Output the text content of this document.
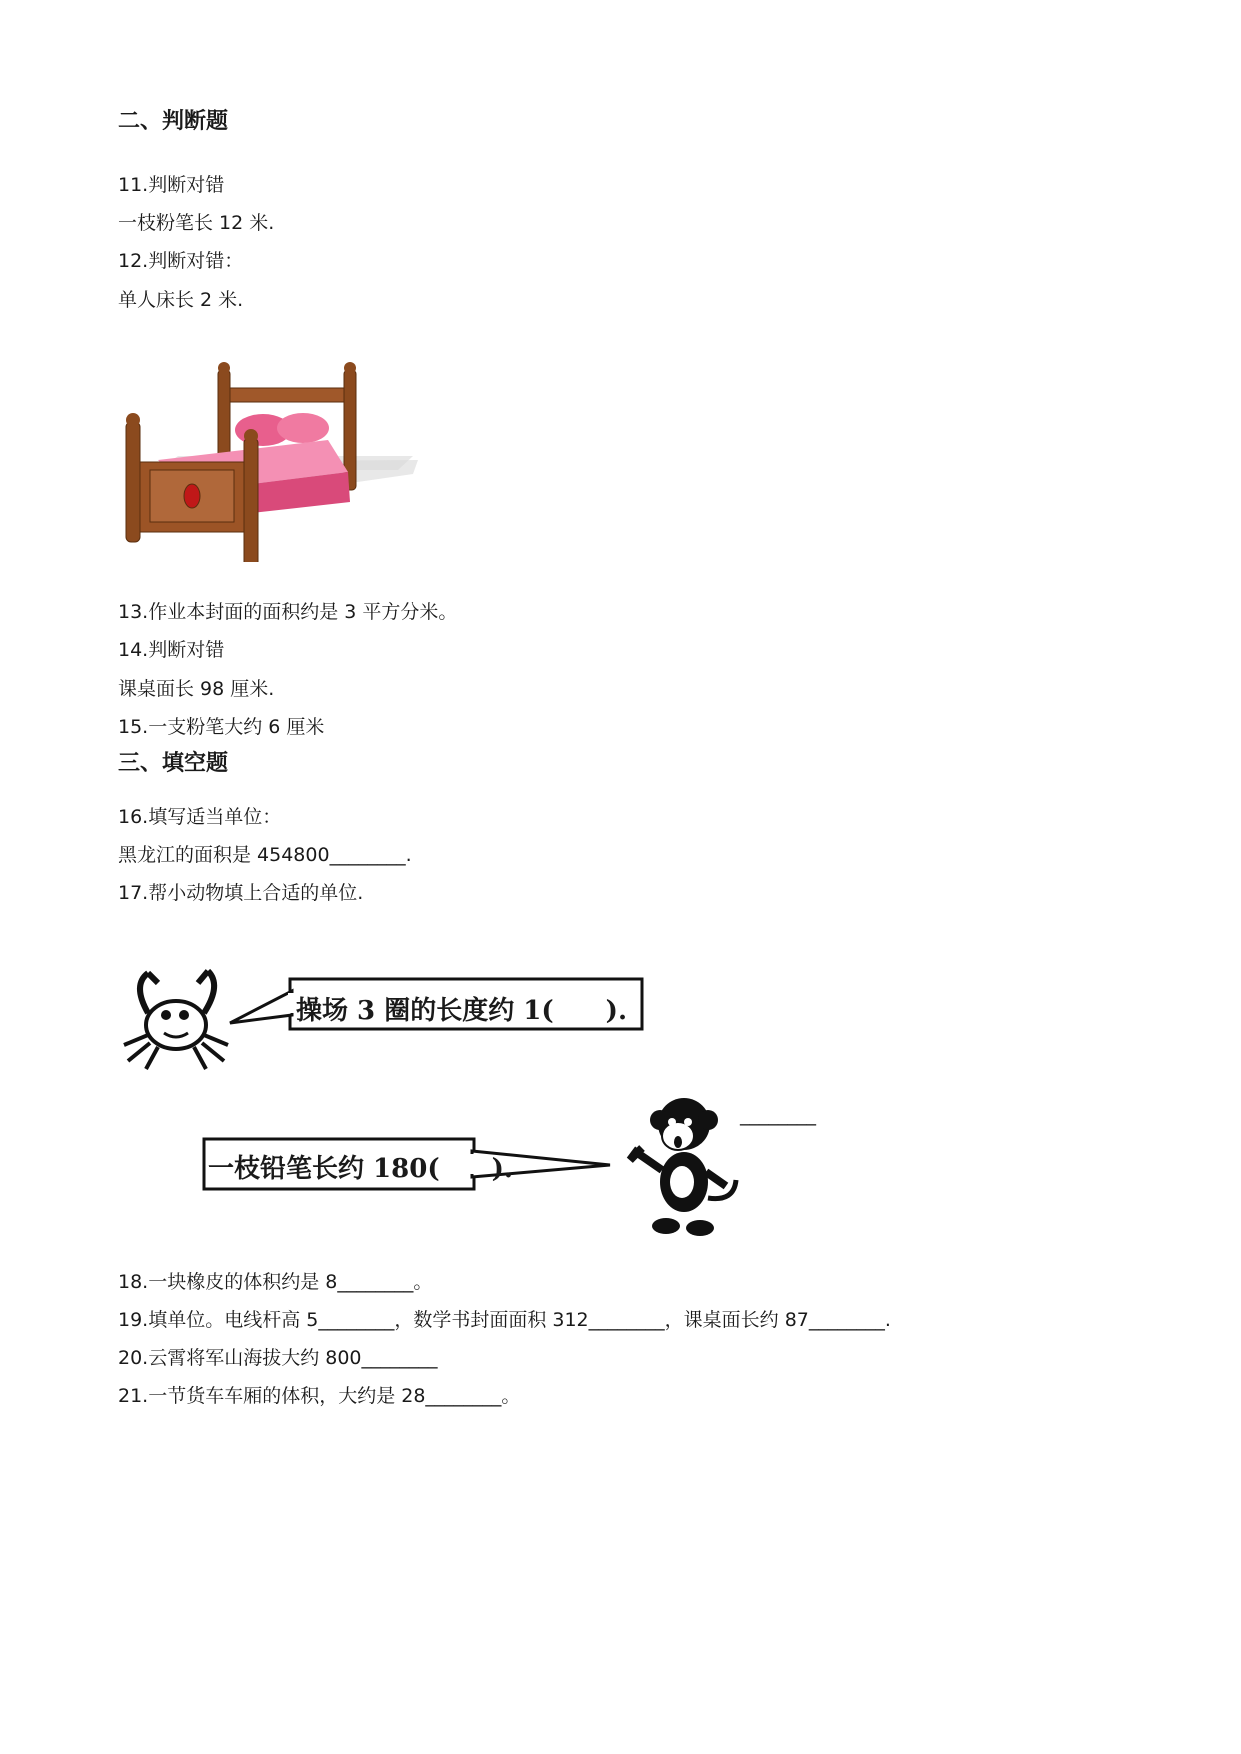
二、判断题
11.判断对错
一枝粉笔长 12 米.
12.判断对错：
单人床长 2 米.
13.作业本封面的面积约是 3 平方分米。
14.判断对错
课桌面长 98 厘米.
15.一支粉笔大约 6 厘米
三、填空题
16.填写适当单位：
黑龙江的面积是 454800________.
17.帮小动物填上合适的单位.
操场 3 圈的长度约 1(　　).
一枝铅笔长约 180(　　).
________
18.一块橡皮的体积约是 8________。
19.填单位。电线杆高 5________，数学书封面面积 312________，课桌面长约 87________.
20.云霄将军山海拔大约 800________
21.一节货车车厢的体积，大约是 28________。
